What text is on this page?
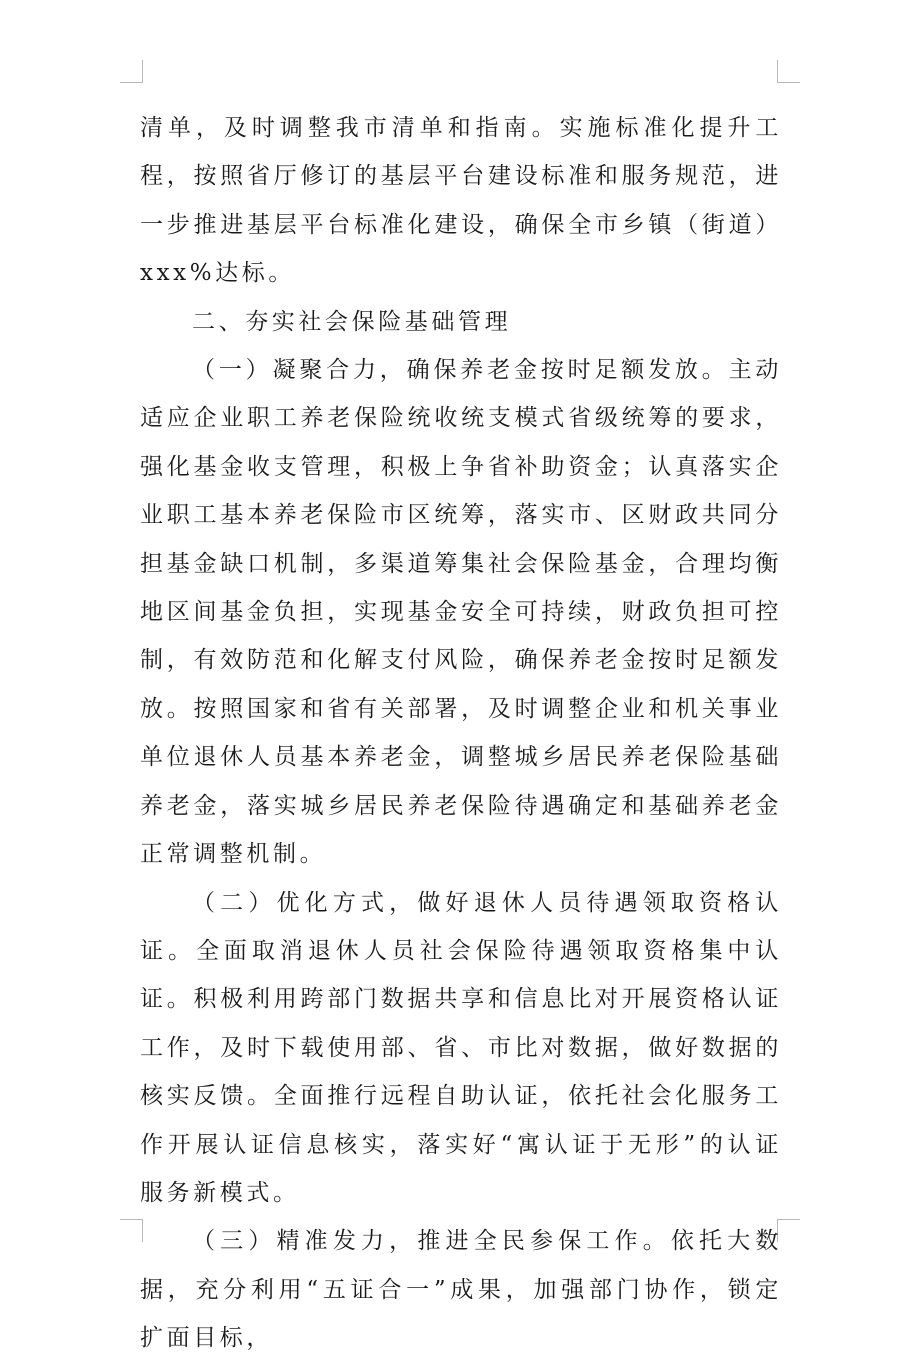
清单，及时调整我市清单和指南。实施标准化提升工程，按照省厅修订的基层平台建设标准和服务规范，进一步推进基层平台标准化建设，确保全市乡镇（街道）xxx%达标。

二、夯实社会保险基础管理

（一）凝聚合力，确保养老金按时足额发放。主动适应企业职工养老保险统收统支模式省级统筹的要求，强化基金收支管理，积极上争省补助资金；认真落实企业职工基本养老保险市区统筹，落实市、区财政共同分担基金缺口机制，多渠道筹集社会保险基金，合理均衡地区间基金负担，实现基金安全可持续，财政负担可控制，有效防范和化解支付风险，确保养老金按时足额发放。按照国家和省有关部署，及时调整企业和机关事业单位退休人员基本养老金，调整城乡居民养老保险基础养老金，落实城乡居民养老保险待遇确定和基础养老金正常调整机制。

（二）优化方式，做好退休人员待遇领取资格认证。全面取消退休人员社会保险待遇领取资格集中认证。积极利用跨部门数据共享和信息比对开展资格认证工作，及时下载使用部、省、市比对数据，做好数据的核实反馈。全面推行远程自助认证，依托社会化服务工作开展认证信息核实，落实好“寓认证于无形”的认证服务新模式。

（三）精准发力，推进全民参保工作。依托大数据，充分利用“五证合一”成果，加强部门协作，锁定扩面目标，
